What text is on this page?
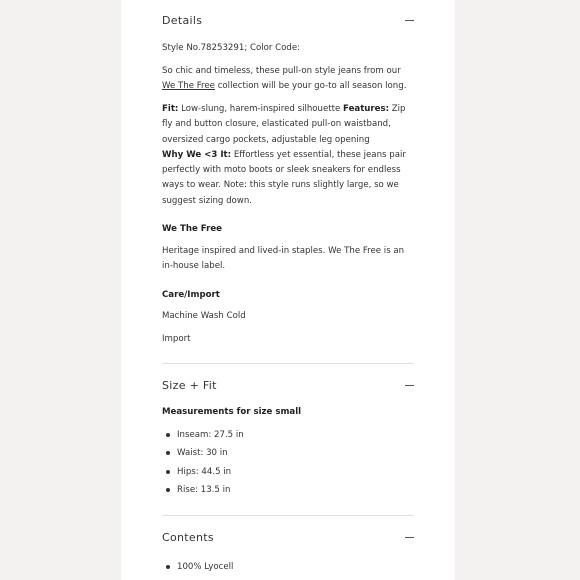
Details
Style No.78253291; Color Code:
So chic and timeless, these pull-on style jeans from our We The Free collection will be your go-to all season long.
Fit: Low-slung, harem-inspired silhouette Features: Zip fly and button closure, elasticated pull-on waistband, oversized cargo pockets, adjustable leg opening
Why We <3 It: Effortless yet essential, these jeans pair perfectly with moto boots or sleek sneakers for endless ways to wear. Note: this style runs slightly large, so we suggest sizing down.
We The Free
Heritage inspired and lived-in staples. We The Free is an in-house label.
Care/Import
Machine Wash Cold
Import
Size + Fit
Measurements for size small
Inseam: 27.5 in
Waist: 30 in
Hips: 44.5 in
Rise: 13.5 in
Contents
100% Lyocell
